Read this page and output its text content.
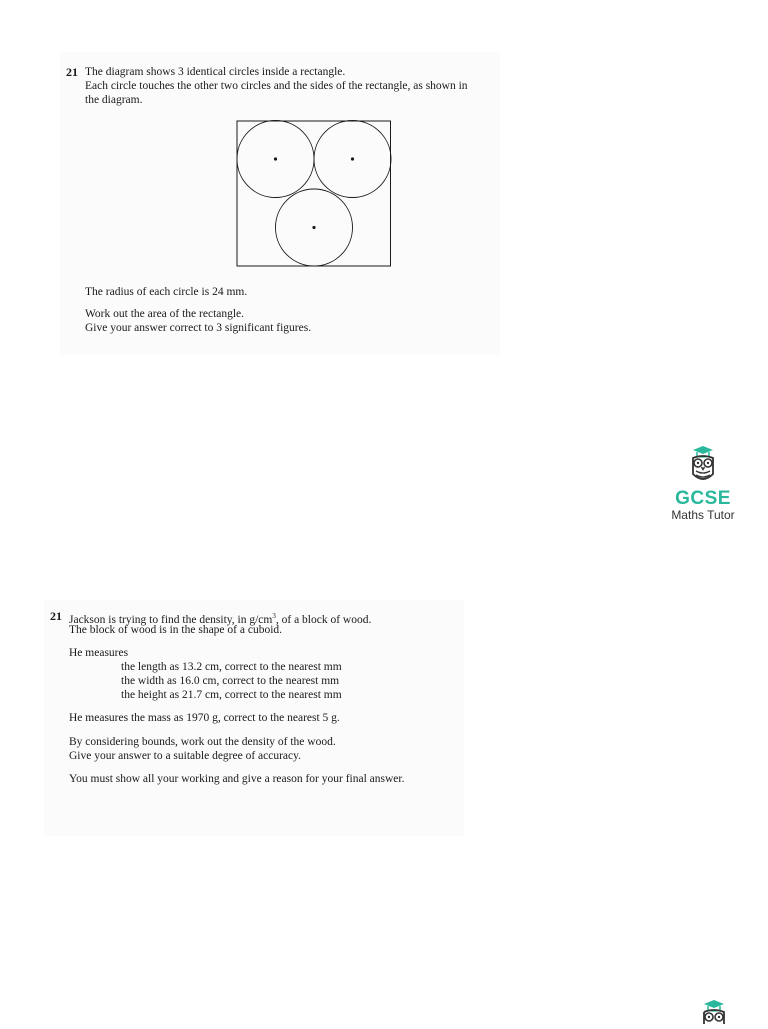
21 The diagram shows 3 identical circles inside a rectangle.
Each circle touches the other two circles and the sides of the rectangle, as shown in
the diagram.
The radius of each circle is 24 mm.
Work out the area of the rectangle.
Give your answer correct to 3 significant figures.
GCSE
Maths Tutor
21 Jackson is trying to find the density, in $g/cm^3$, of a block of wood.
The block of wood is in the shape of a cuboid.
He measures
the length as 13.2 cm, correct to the nearest mm
the width as 16.0 cm, correct to the nearest mm
the height as 21.7 cm, correct to the nearest mm
He measures the mass as 1970 g, correct to the nearest 5 g.
By considering bounds, work out the density of the wood.
Give your answer to a suitable degree of accuracy.
You must show all your working and give a reason for your final answer.
